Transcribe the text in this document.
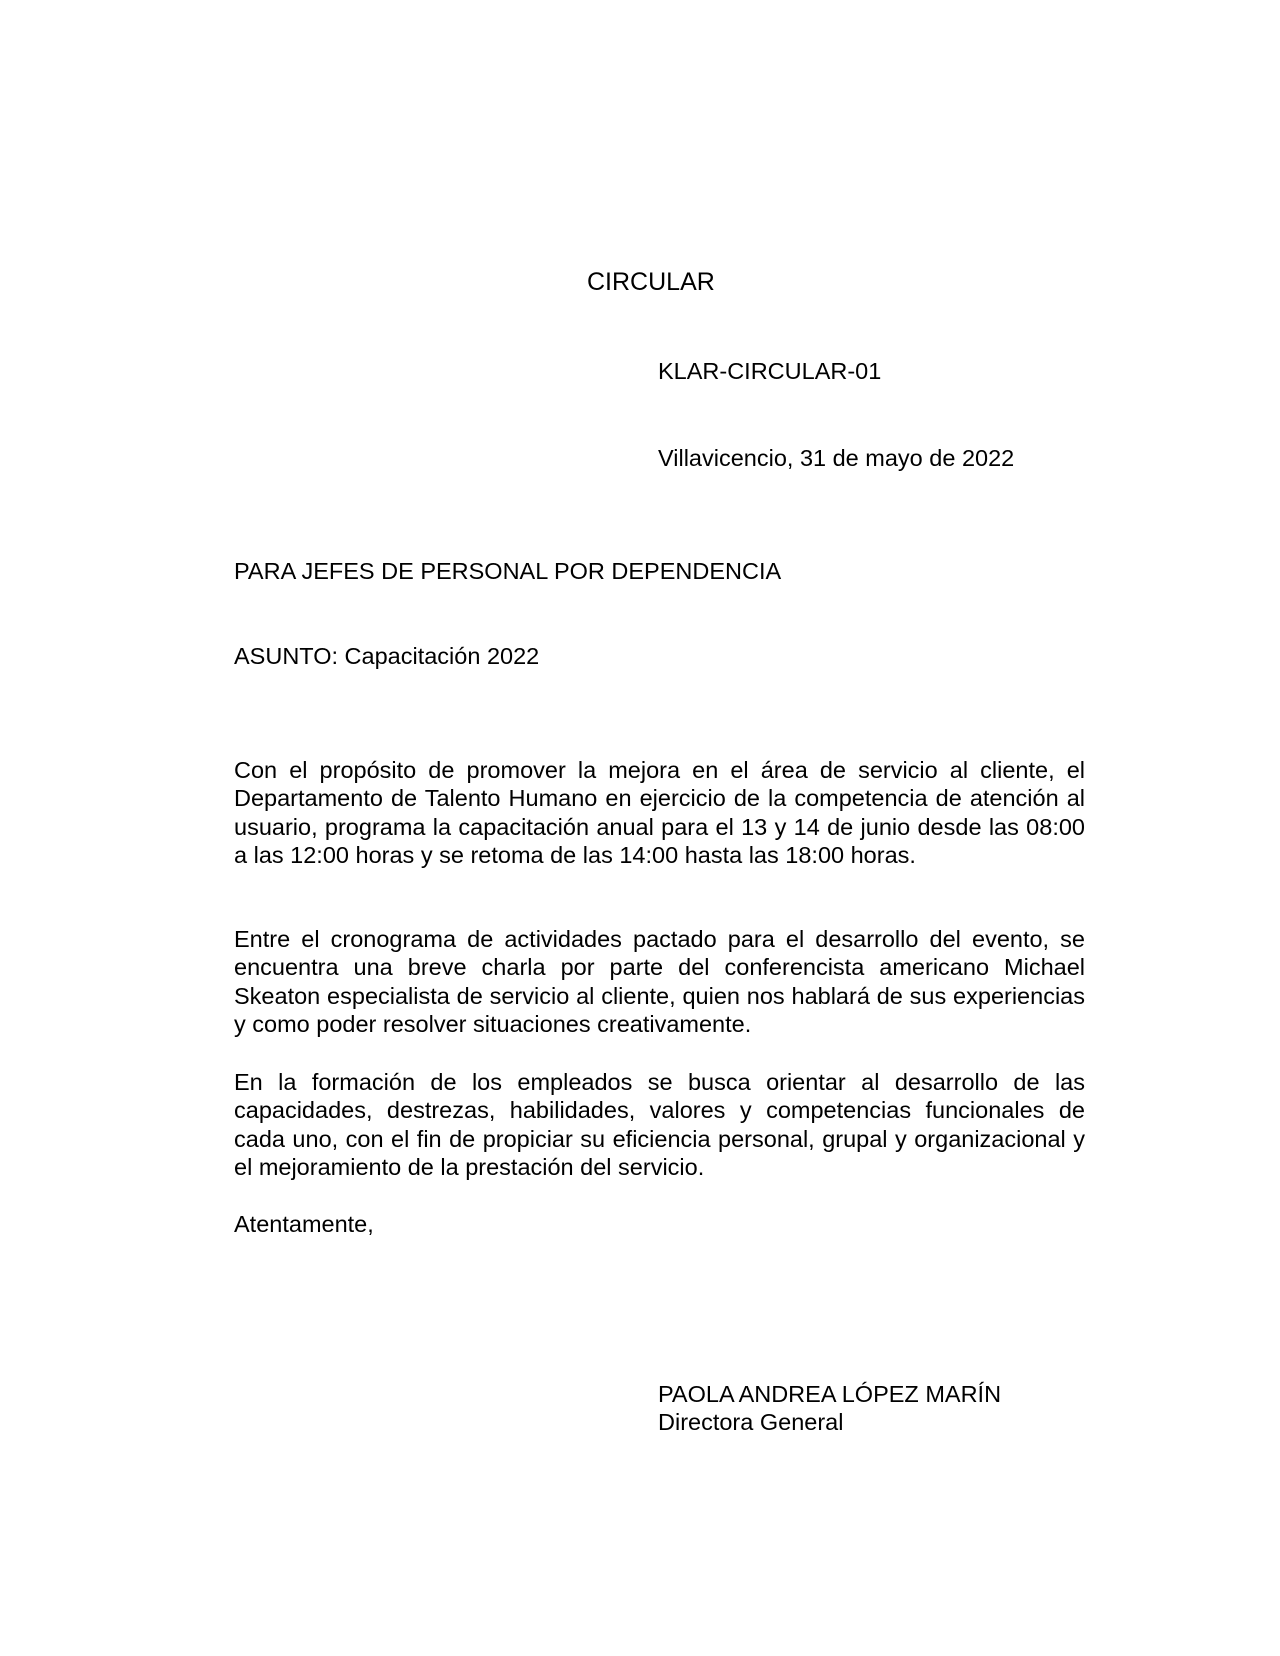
CIRCULAR
KLAR-CIRCULAR-01
Villavicencio, 31 de mayo de 2022
PARA JEFES DE PERSONAL POR DEPENDENCIA
ASUNTO: Capacitación 2022

Con el propósito de promover la mejora en el área de servicio al cliente, el Departamento de Talento Humano en ejercicio de la competencia de atención al usuario, programa la capacitación anual para el 13 y 14 de junio desde las 08:00 a las 12:00 horas y se retoma de las 14:00 hasta las 18:00 horas.

Entre el cronograma de actividades pactado para el desarrollo del evento, se encuentra una breve charla por parte del conferencista americano Michael Skeaton especialista de servicio al cliente, quien nos hablará de sus experiencias y como poder resolver situaciones creativamente.

En la formación de los empleados se busca orientar al desarrollo de las capacidades, destrezas, habilidades, valores y competencias funcionales de cada uno, con el fin de propiciar su eficiencia personal, grupal y organizacional y el mejoramiento de la prestación del servicio.

Atentamente,
PAOLA ANDREA LÓPEZ MARÍN
Directora General
